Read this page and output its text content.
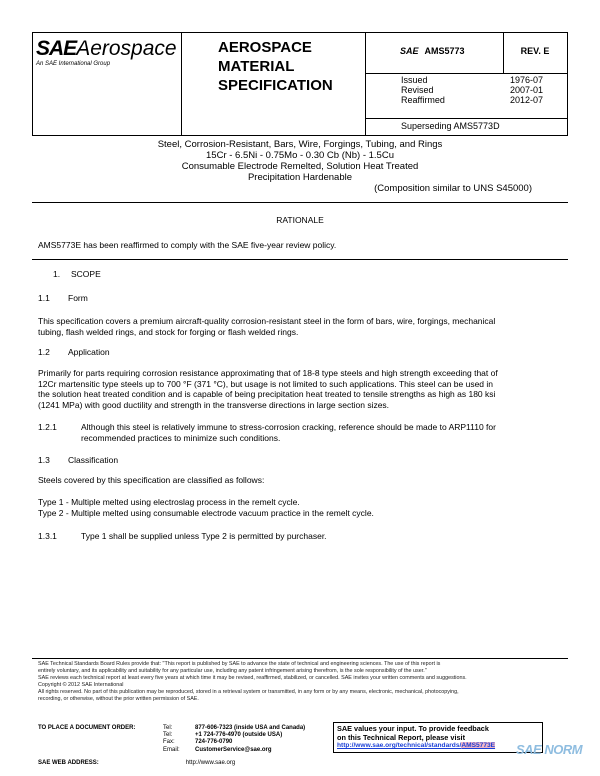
SAEAerospace
An SAE International Group
AEROSPACE
MATERIAL
SPECIFICATION
SAE AMS5773	REV. E
Issued	1976-07
Revised	2007-01
Reaffirmed	2012-07
Superseding AMS5773D
Steel, Corrosion-Resistant, Bars, Wire, Forgings, Tubing, and Rings
15Cr - 6.5Ni - 0.75Mo - 0.30 Cb (Nb) - 1.5Cu
Consumable Electrode Remelted, Solution Heat Treated
Precipitation Hardenable
(Composition similar to UNS S45000)
RATIONALE
AMS5773E has been reaffirmed to comply with the SAE five-year review policy.
1. SCOPE
1.1 Form
This specification covers a premium aircraft-quality corrosion-resistant steel in the form of bars, wire, forgings, mechanical
tubing, flash welded rings, and stock for forging or flash welded rings.
1.2 Application
Primarily for parts requiring corrosion resistance approximating that of 18-8 type steels and high strength exceeding that of
12Cr martensitic type steels up to 700 °F (371 °C), but usage is not limited to such applications. This steel can be used in
the solution heat treated condition and is capable of being precipitation heat treated to tensile strengths as high as 180 ksi
(1241 MPa) with good ductility and strength in the transverse directions in large section sizes.
1.2.1	Although this steel is relatively immune to stress-corrosion cracking, reference should be made to ARP1110 for
recommended practices to minimize such conditions.
1.3 Classification
Steels covered by this specification are classified as follows:
Type 1 - Multiple melted using electroslag process in the remelt cycle.
Type 2 - Multiple melted using consumable electrode vacuum practice in the remelt cycle.
1.3.1	Type 1 shall be supplied unless Type 2 is permitted by purchaser.
SAE Technical Standards Board Rules provide that: "This report is published by SAE to advance the state of technical and engineering sciences. The use of this report is
entirely voluntary, and its applicability and suitability for any particular use, including any patent infringement arising therefrom, is the sole responsibility of the user."
SAE reviews each technical report at least every five years at which time it may be revised, reaffirmed, stabilized, or cancelled. SAE invites your written comments and suggestions.
Copyright © 2012 SAE International
All rights reserved. No part of this publication may be reproduced, stored in a retrieval system or transmitted, in any form or by any means, electronic, mechanical, photocopying,
recording, or otherwise, without the prior written permission of SAE.
TO PLACE A DOCUMENT ORDER:	Tel:	877-606-7323 (inside USA and Canada)
Tel:	+1 724-776-4970 (outside USA)
Fax:	724-776-0790
Email:	CustomerService@sae.org
SAE WEB ADDRESS:	http://www.sae.org
SAE values your input. To provide feedback
on this Technical Report, please visit
http://www.sae.org/technical/standards/AMS5773E	SAE NORM
